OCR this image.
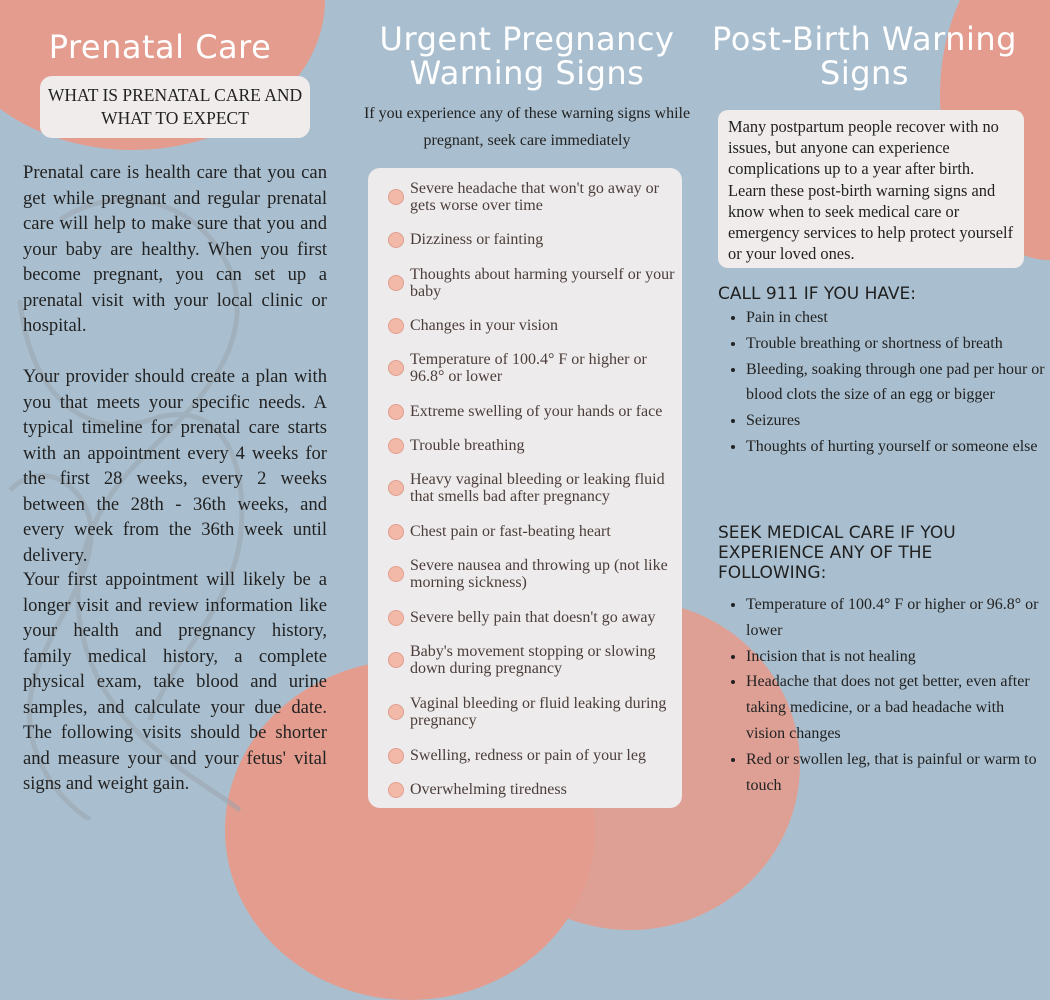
Prenatal Care
WHAT IS PRENATAL CARE AND WHAT TO EXPECT

Prenatal care is health care that you can get while pregnant and regular prenatal care will help to make sure that you and your baby are healthy. When you first become pregnant, you can set up a prenatal visit with your local clinic or hospital.

Your provider should create a plan with you that meets your specific needs. A typical timeline for prenatal care starts with an appointment every 4 weeks for the first 28 weeks, every 2 weeks between the 28th - 36th weeks, and every week from the 36th week until delivery.

Your first appointment will likely be a longer visit and review information like your health and pregnancy history, family medical history, a complete physical exam, take blood and urine samples, and calculate your due date. The following visits should be shorter and measure your and your fetus' vital signs and weight gain.

Urgent Pregnancy
Warning Signs

If you experience any of these warning signs while pregnant, seek care immediately

Severe headache that won't go away or gets worse over time
Dizziness or fainting
Thoughts about harming yourself or your baby
Changes in your vision
Temperature of 100.4° F or higher or 96.8° or lower
Extreme swelling of your hands or face
Trouble breathing
Heavy vaginal bleeding or leaking fluid that smells bad after pregnancy
Chest pain or fast-beating heart
Severe nausea and throwing up (not like morning sickness)
Severe belly pain that doesn't go away
Baby's movement stopping or slowing down during pregnancy
Vaginal bleeding or fluid leaking during pregnancy
Swelling, redness or pain of your leg
Overwhelming tiredness
Post-Birth Warning
Signs

Many postpartum people recover with no issues, but anyone can experience complications up to a year after birth. Learn these post-birth warning signs and know when to seek medical care or emergency services to help protect yourself or your loved ones.

CALL 911 IF YOU HAVE:
• Pain in chest
• Trouble breathing or shortness of breath
• Bleeding, soaking through one pad per hour or blood clots the size of an egg or bigger
• Seizures
• Thoughts of hurting yourself or someone else
SEEK MEDICAL CARE IF YOU EXPERIENCE ANY OF THE FOLLOWING:
• Temperature of 100.4° F or higher or 96.8° or lower
• Incision that is not healing
• Headache that does not get better, even after taking medicine, or a bad headache with vision changes
• Red or swollen leg, that is painful or warm to touch
